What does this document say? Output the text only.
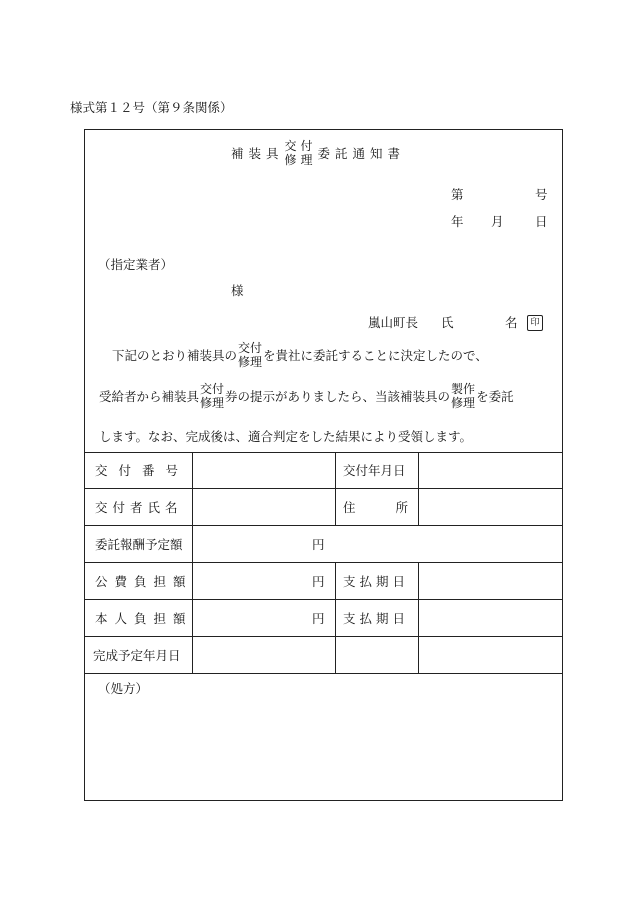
様式第１２号（第９条関係）
補装具 交付
修理 委託通知書
第	号
年 月	日
（指定業者）
様
嵐山町長 氏	名	印
下記のとおり補装具の 交付
修理 を貴社に委託することに決定したので、
受給者から補装具 交付
修理 券の提示がありましたら、当該補装具の 製作
修理 を委託
します。なお、完成後は、適合判定をした結果により受領します。
交付番号	交付年月日
交付者氏名	住所
委託報酬予定額	円
公費負担額	円 支払期日
本人負担額	円 支払期日
完成予定年月日
（処方）
